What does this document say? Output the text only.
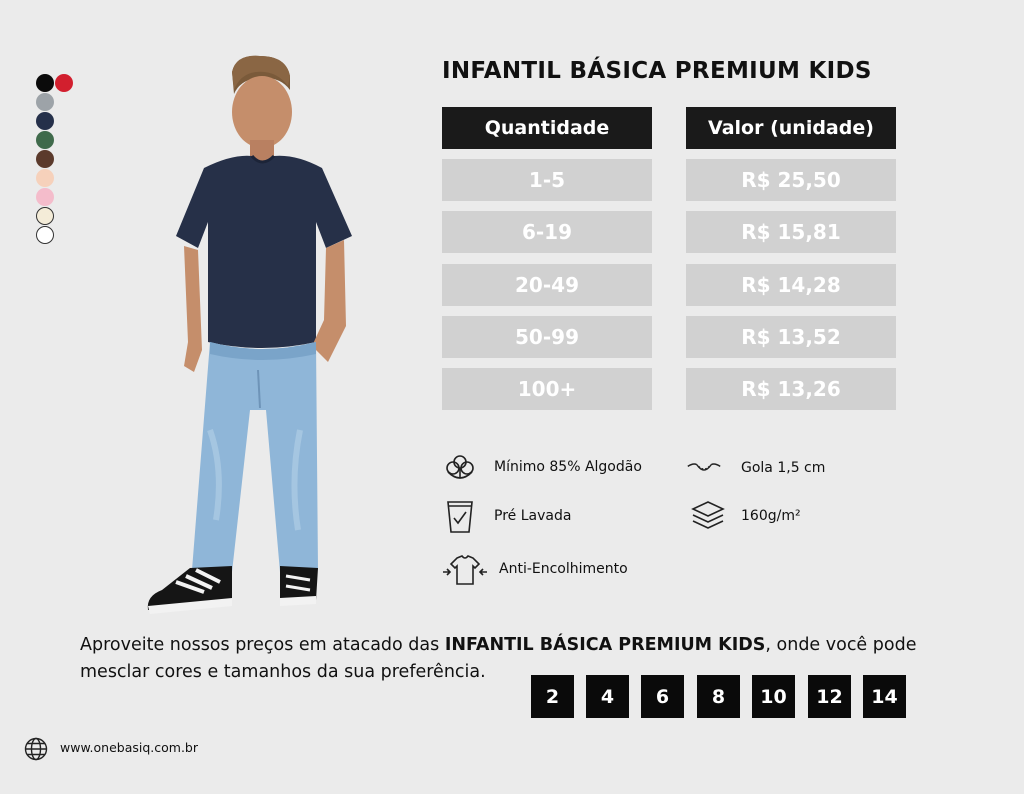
INFANTIL BÁSICA PREMIUM KIDS
Quantidade	Valor (unidade)
1-5	R$ 25,50
6-19	R$ 15,81
20-49	R$ 14,28
50-99	R$ 13,52
100+	R$ 13,26
Mínimo 85% Algodão	Gola 1,5 cm
Pré Lavada	160g/m²
Anti-Encolhimento

Aproveite nossos preços em atacado das INFANTIL BÁSICA PREMIUM KIDS, onde você pode mesclar cores e tamanhos da sua preferência.

2	4	6	8	10	12	14
www.onebasiq.com.br
